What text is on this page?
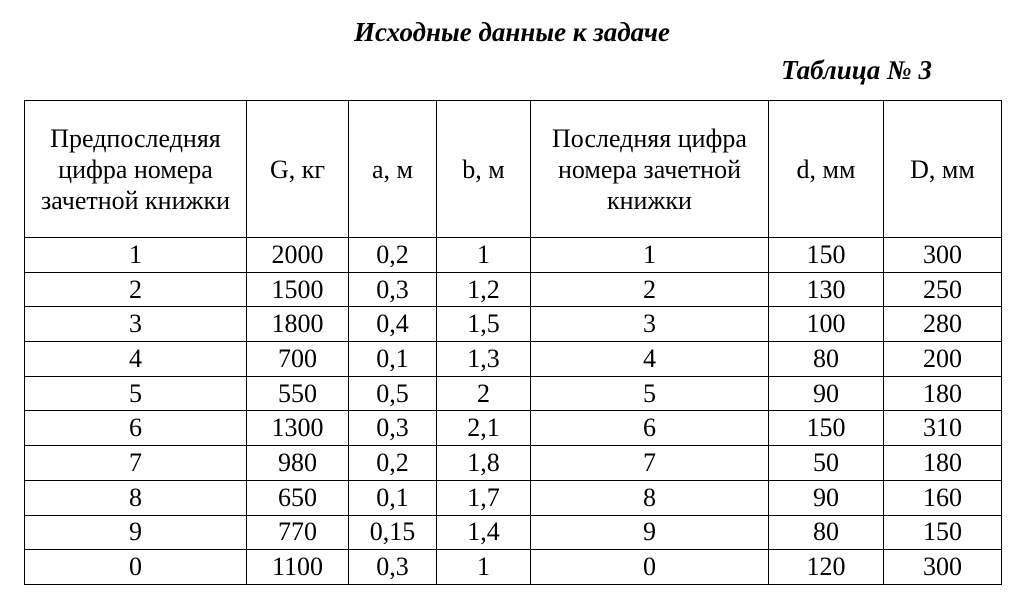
Исходные данные к задаче
Таблица № 3
Предпоследняя цифра номера зачетной книжки	G, кг	a, м	b, м	Последняя цифра номера зачетной книжки	d, мм	D, мм
1	2000	0,2	1	1	150	300
2	1500	0,3	1,2	2	130	250
3	1800	0,4	1,5	3	100	280
4	700	0,1	1,3	4	80	200
5	550	0,5	2	5	90	180
6	1300	0,3	2,1	6	150	310
7	980	0,2	1,8	7	50	180
8	650	0,1	1,7	8	90	160
9	770	0,15	1,4	9	80	150
0	1100	0,3	1	0	120	300
